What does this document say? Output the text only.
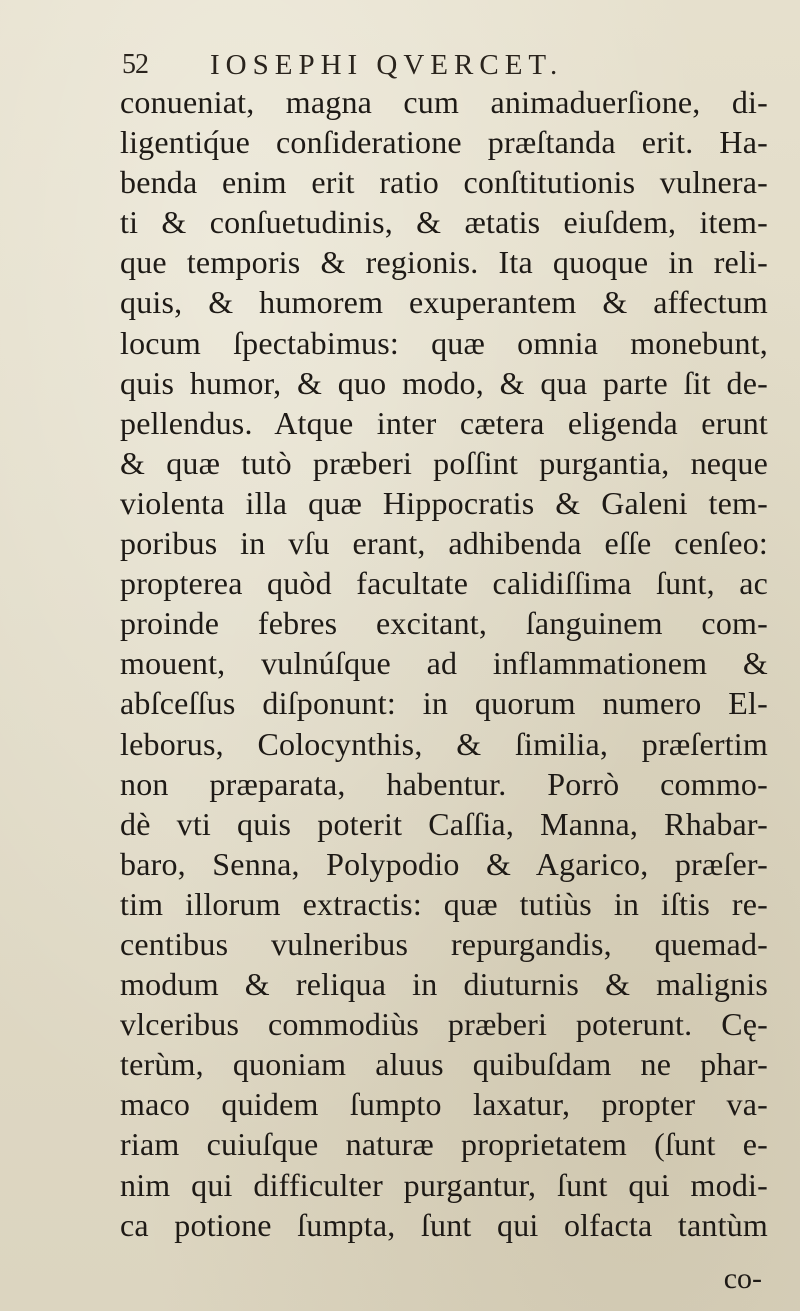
52 IOSEPHI QVERCET.
conueniat, magna cum animaduerſione, di-
ligentiq́ue conſideratione præſtanda erit. Ha-
benda enim erit ratio conſtitutionis vulnera-
ti & conſuetudinis, & ætatis eiuſdem, item-
que temporis & regionis. Ita quoque in reli-
quis, & humorem exuperantem & affectum
locum ſpectabimus: quæ omnia monebunt,
quis humor, & quo modo, & qua parte ſit de-
pellendus. Atque inter cætera eligenda erunt
& quæ tutò præberi poſſint purgantia, neque
violenta illa quæ Hippocratis & Galeni tem-
poribus in vſu erant, adhibenda eſſe cenſeo:
propterea quòd facultate calidiſſima ſunt, ac
proinde febres excitant, ſanguinem com-
mouent, vulnúſque ad inflammationem &
abſceſſus diſponunt: in quorum numero El-
leborus, Colocynthis, & ſimilia, præſertim
non præparata, habentur. Porrò commo-
dè vti quis poterit Caſſia, Manna, Rhabar-
baro, Senna, Polypodio & Agarico, præſer-
tim illorum extractis: quæ tutiùs in iſtis re-
centibus vulneribus repurgandis, quemad-
modum & reliqua in diuturnis & malignis
vlceribus commodiùs præberi poterunt. Cę-
terùm, quoniam aluus quibuſdam ne phar-
maco quidem ſumpto laxatur, propter va-
riam cuiuſque naturæ proprietatem (ſunt e-
nim qui difficulter purgantur, ſunt qui modi-
ca potione ſumpta, ſunt qui olfacta tantùm
co-
